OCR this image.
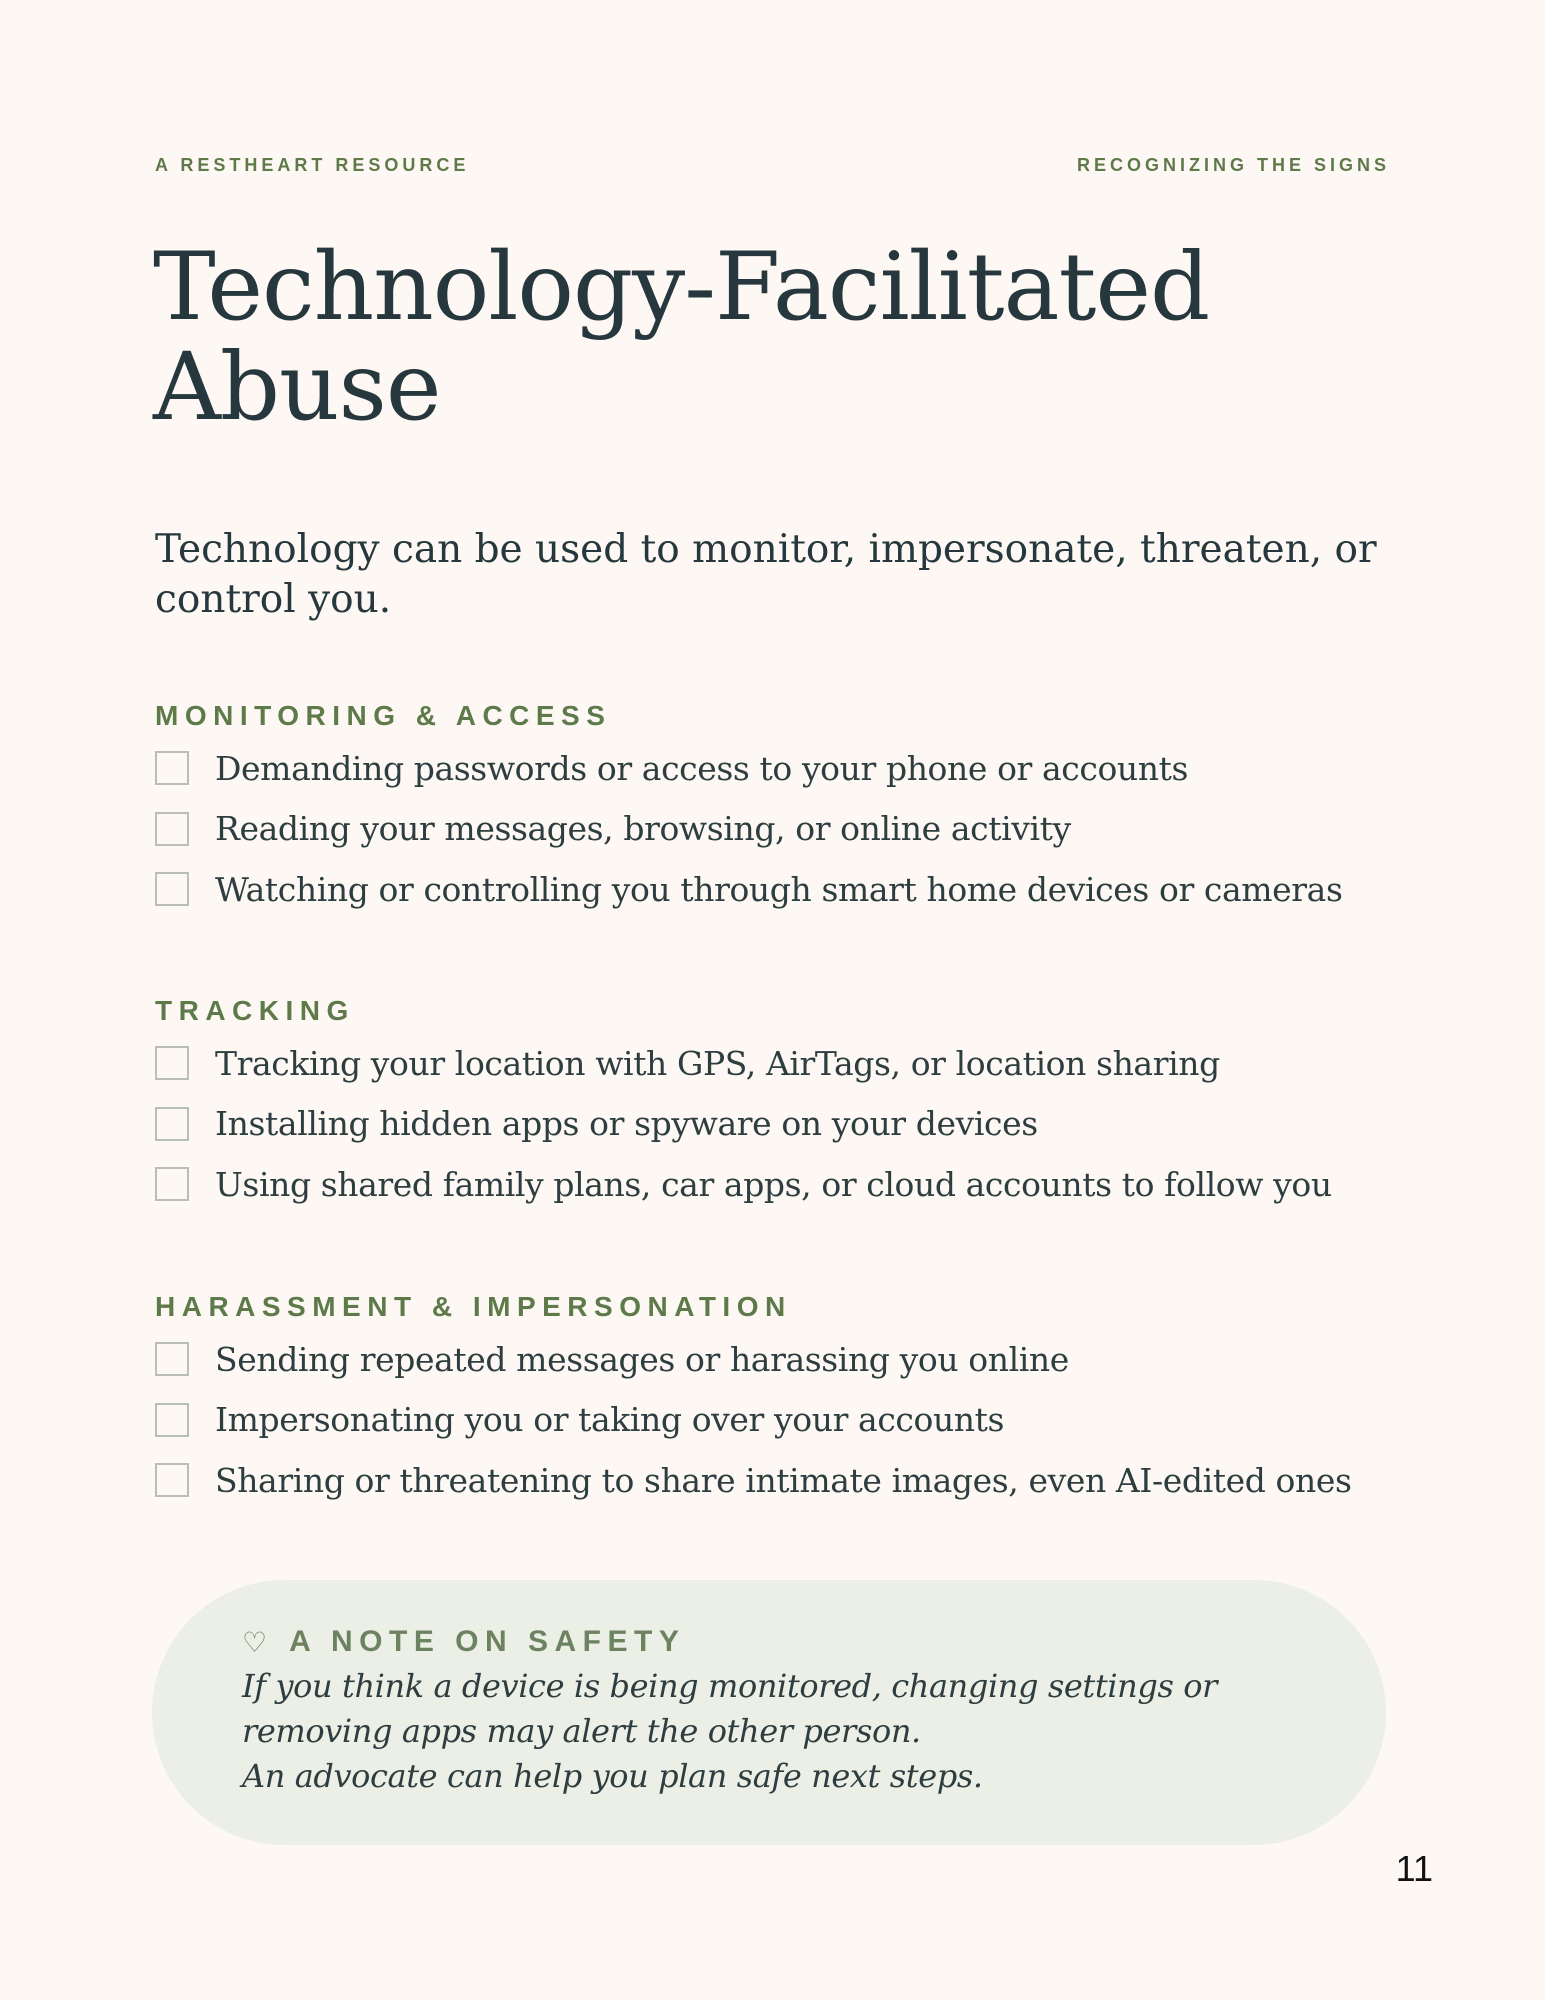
A RESTHEART RESOURCE	RECOGNIZING THE SIGNS
Technology-Facilitated
Abuse

Technology can be used to monitor, impersonate, threaten, or
control you.

MONITORING & ACCESS
Demanding passwords or access to your phone or accounts
Reading your messages, browsing, or online activity
Watching or controlling you through smart home devices or cameras
TRACKING
Tracking your location with GPS, AirTags, or location sharing
Installing hidden apps or spyware on your devices
Using shared family plans, car apps, or cloud accounts to follow you
HARASSMENT & IMPERSONATION
Sending repeated messages or harassing you online
Impersonating you or taking over your accounts
Sharing or threatening to share intimate images, even AI-edited ones
♡ A NOTE ON SAFETY
If you think a device is being monitored, changing settings or
removing apps may alert the other person.
An advocate can help you plan safe next steps.
11
